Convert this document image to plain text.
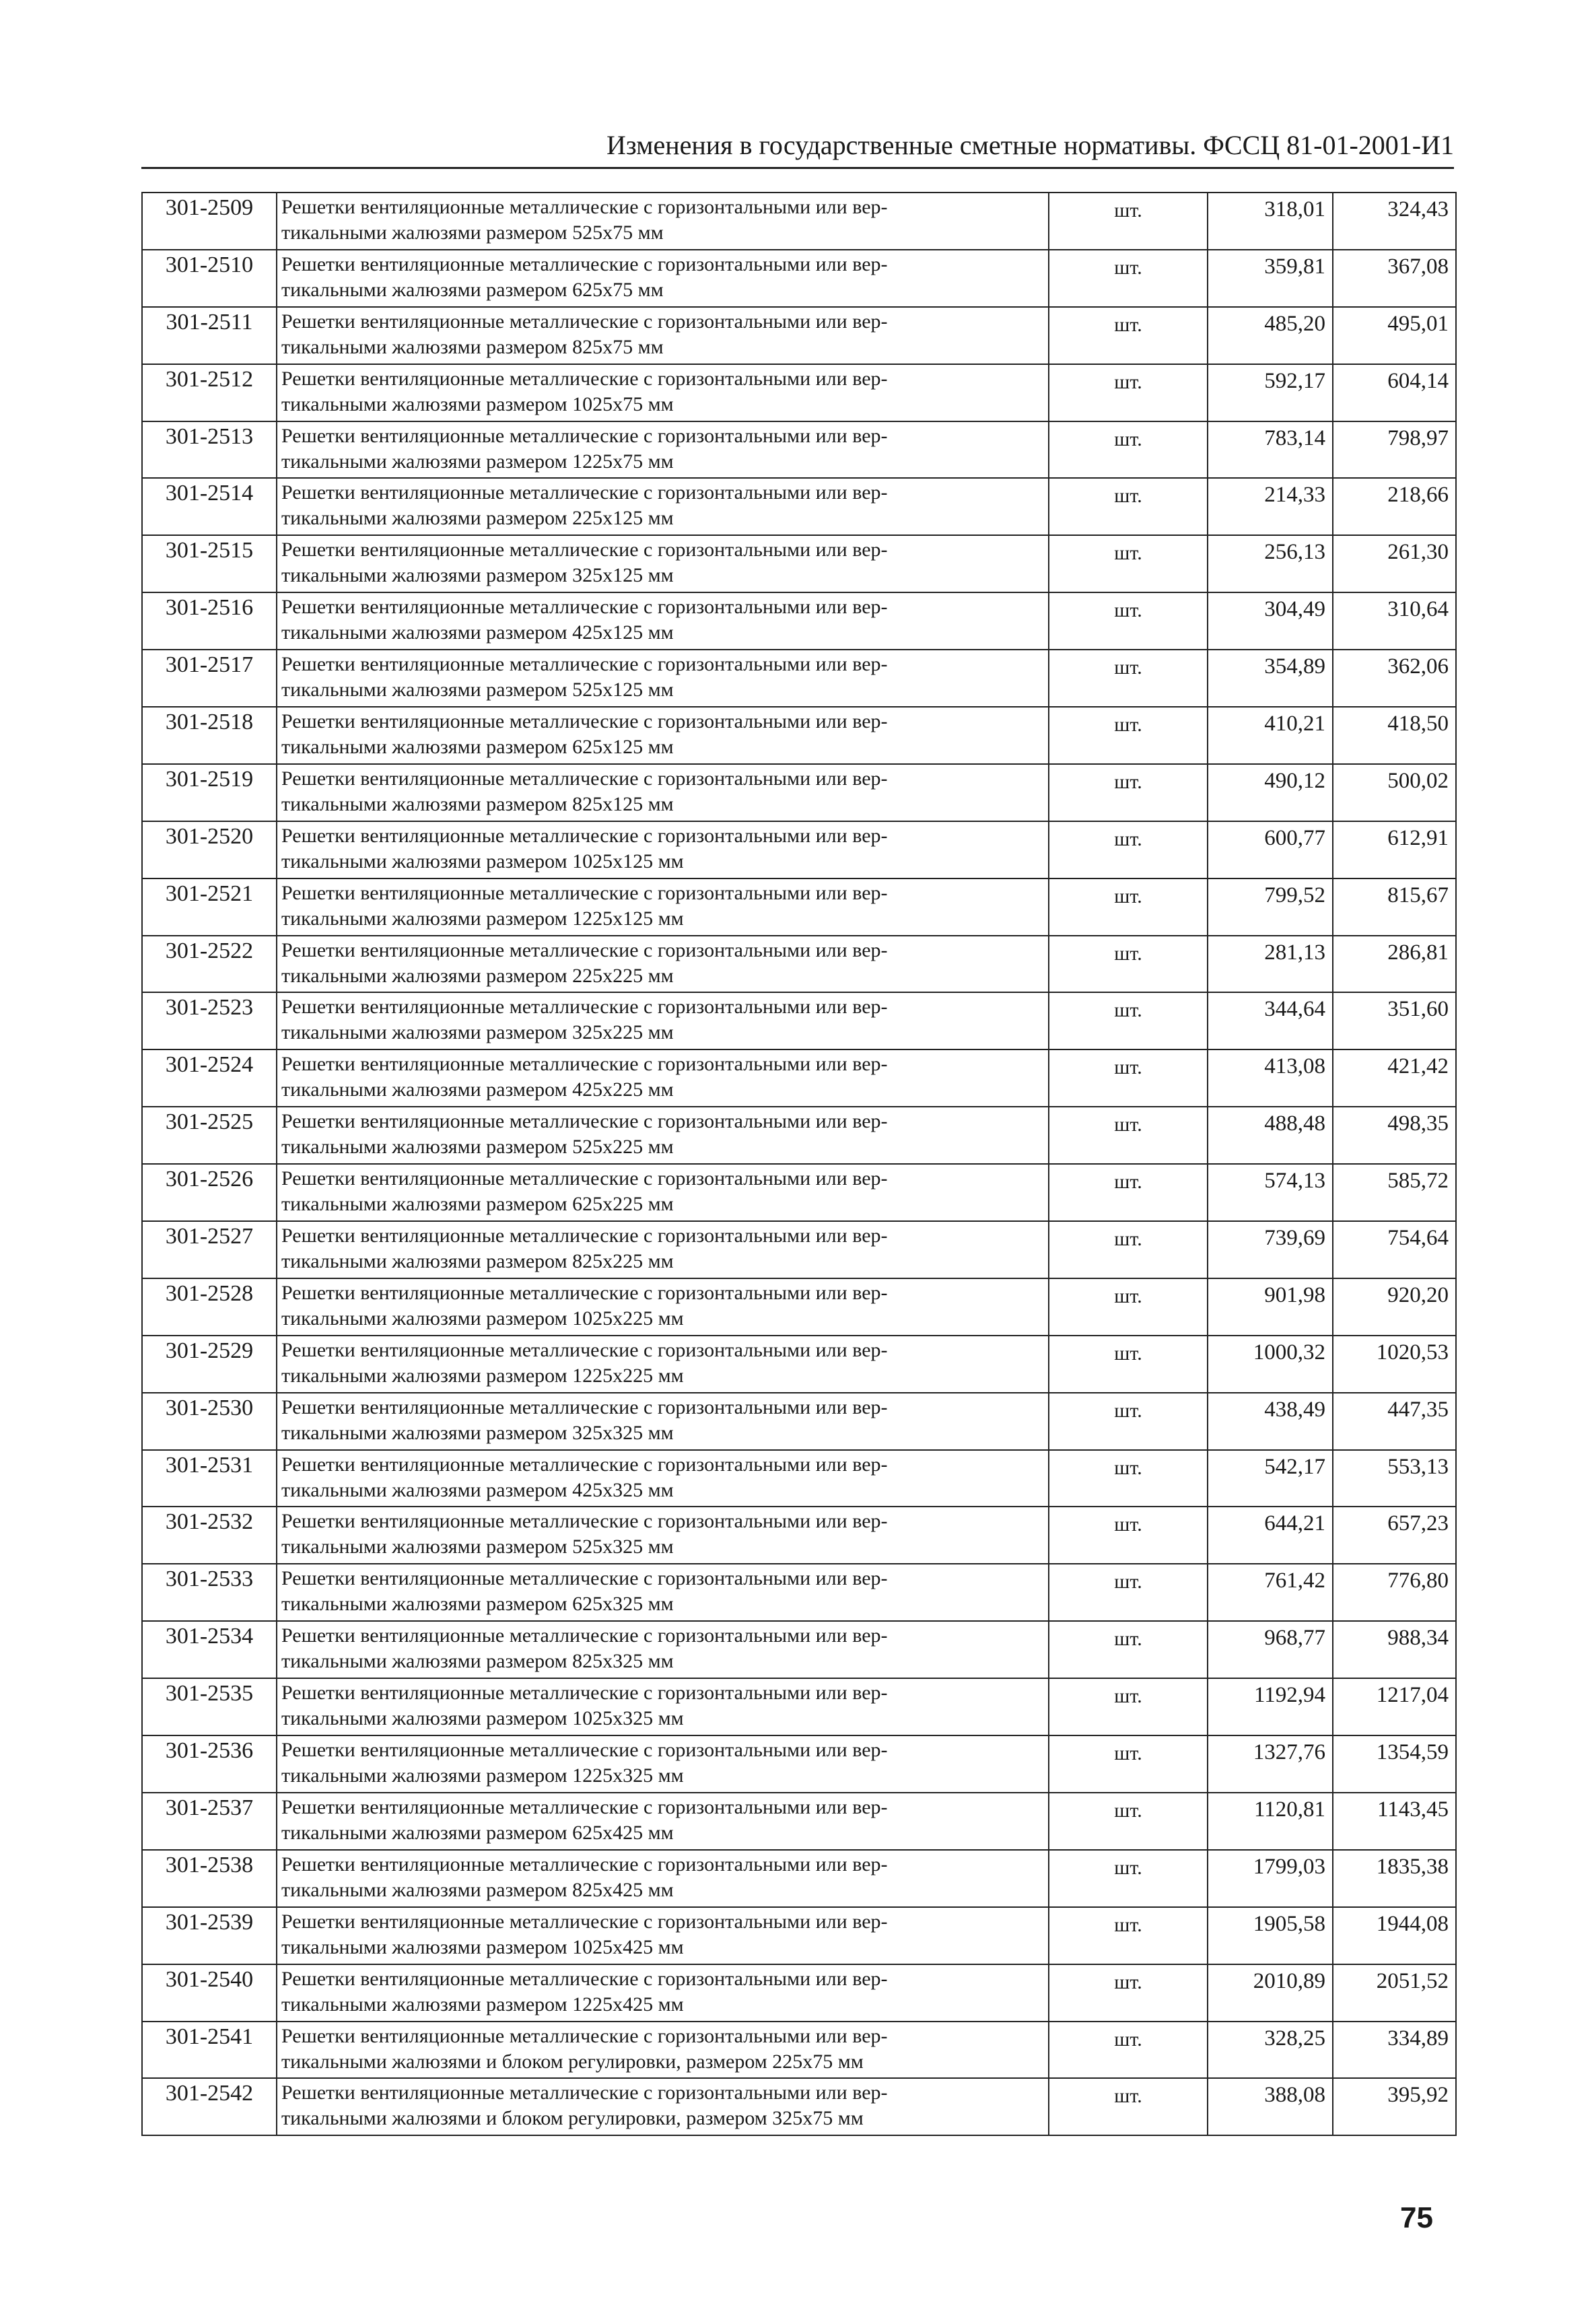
Изменения в государственные сметные нормативы. ФССЦ 81-01-2001-И1
301-2509	Решетки вентиляционные металлические с горизонтальными или вер-
тикальными жалюзями размером 525х75 мм	шт.	318,01	324,43
301-2510	Решетки вентиляционные металлические с горизонтальными или вер-
тикальными жалюзями размером 625х75 мм	шт.	359,81	367,08
301-2511	Решетки вентиляционные металлические с горизонтальными или вер-
тикальными жалюзями размером 825х75 мм	шт.	485,20	495,01
301-2512	Решетки вентиляционные металлические с горизонтальными или вер-
тикальными жалюзями размером 1025х75 мм	шт.	592,17	604,14
301-2513	Решетки вентиляционные металлические с горизонтальными или вер-
тикальными жалюзями размером 1225х75 мм	шт.	783,14	798,97
301-2514	Решетки вентиляционные металлические с горизонтальными или вер-
тикальными жалюзями размером 225х125 мм	шт.	214,33	218,66
301-2515	Решетки вентиляционные металлические с горизонтальными или вер-
тикальными жалюзями размером 325х125 мм	шт.	256,13	261,30
301-2516	Решетки вентиляционные металлические с горизонтальными или вер-
тикальными жалюзями размером 425х125 мм	шт.	304,49	310,64
301-2517	Решетки вентиляционные металлические с горизонтальными или вер-
тикальными жалюзями размером 525х125 мм	шт.	354,89	362,06
301-2518	Решетки вентиляционные металлические с горизонтальными или вер-
тикальными жалюзями размером 625х125 мм	шт.	410,21	418,50
301-2519	Решетки вентиляционные металлические с горизонтальными или вер-
тикальными жалюзями размером 825х125 мм	шт.	490,12	500,02
301-2520	Решетки вентиляционные металлические с горизонтальными или вер-
тикальными жалюзями размером 1025х125 мм	шт.	600,77	612,91
301-2521	Решетки вентиляционные металлические с горизонтальными или вер-
тикальными жалюзями размером 1225х125 мм	шт.	799,52	815,67
301-2522	Решетки вентиляционные металлические с горизонтальными или вер-
тикальными жалюзями размером 225х225 мм	шт.	281,13	286,81
301-2523	Решетки вентиляционные металлические с горизонтальными или вер-
тикальными жалюзями размером 325х225 мм	шт.	344,64	351,60
301-2524	Решетки вентиляционные металлические с горизонтальными или вер-
тикальными жалюзями размером 425х225 мм	шт.	413,08	421,42
301-2525	Решетки вентиляционные металлические с горизонтальными или вер-
тикальными жалюзями размером 525х225 мм	шт.	488,48	498,35
301-2526	Решетки вентиляционные металлические с горизонтальными или вер-
тикальными жалюзями размером 625х225 мм	шт.	574,13	585,72
301-2527	Решетки вентиляционные металлические с горизонтальными или вер-
тикальными жалюзями размером 825х225 мм	шт.	739,69	754,64
301-2528	Решетки вентиляционные металлические с горизонтальными или вер-
тикальными жалюзями размером 1025х225 мм	шт.	901,98	920,20
301-2529	Решетки вентиляционные металлические с горизонтальными или вер-
тикальными жалюзями размером 1225х225 мм	шт.	1000,32	1020,53
301-2530	Решетки вентиляционные металлические с горизонтальными или вер-
тикальными жалюзями размером 325х325 мм	шт.	438,49	447,35
301-2531	Решетки вентиляционные металлические с горизонтальными или вер-
тикальными жалюзями размером 425х325 мм	шт.	542,17	553,13
301-2532	Решетки вентиляционные металлические с горизонтальными или вер-
тикальными жалюзями размером 525х325 мм	шт.	644,21	657,23
301-2533	Решетки вентиляционные металлические с горизонтальными или вер-
тикальными жалюзями размером 625х325 мм	шт.	761,42	776,80
301-2534	Решетки вентиляционные металлические с горизонтальными или вер-
тикальными жалюзями размером 825х325 мм	шт.	968,77	988,34
301-2535	Решетки вентиляционные металлические с горизонтальными или вер-
тикальными жалюзями размером 1025х325 мм	шт.	1192,94	1217,04
301-2536	Решетки вентиляционные металлические с горизонтальными или вер-
тикальными жалюзями размером 1225х325 мм	шт.	1327,76	1354,59
301-2537	Решетки вентиляционные металлические с горизонтальными или вер-
тикальными жалюзями размером 625х425 мм	шт.	1120,81	1143,45
301-2538	Решетки вентиляционные металлические с горизонтальными или вер-
тикальными жалюзями размером 825х425 мм	шт.	1799,03	1835,38
301-2539	Решетки вентиляционные металлические с горизонтальными или вер-
тикальными жалюзями размером 1025х425 мм	шт.	1905,58	1944,08
301-2540	Решетки вентиляционные металлические с горизонтальными или вер-
тикальными жалюзями размером 1225х425 мм	шт.	2010,89	2051,52
301-2541	Решетки вентиляционные металлические с горизонтальными или вер-
тикальными жалюзями и блоком регулировки, размером 225х75 мм	шт.	328,25	334,89
301-2542	Решетки вентиляционные металлические с горизонтальными или вер-
тикальными жалюзями и блоком регулировки, размером 325х75 мм	шт.	388,08	395,92
75
